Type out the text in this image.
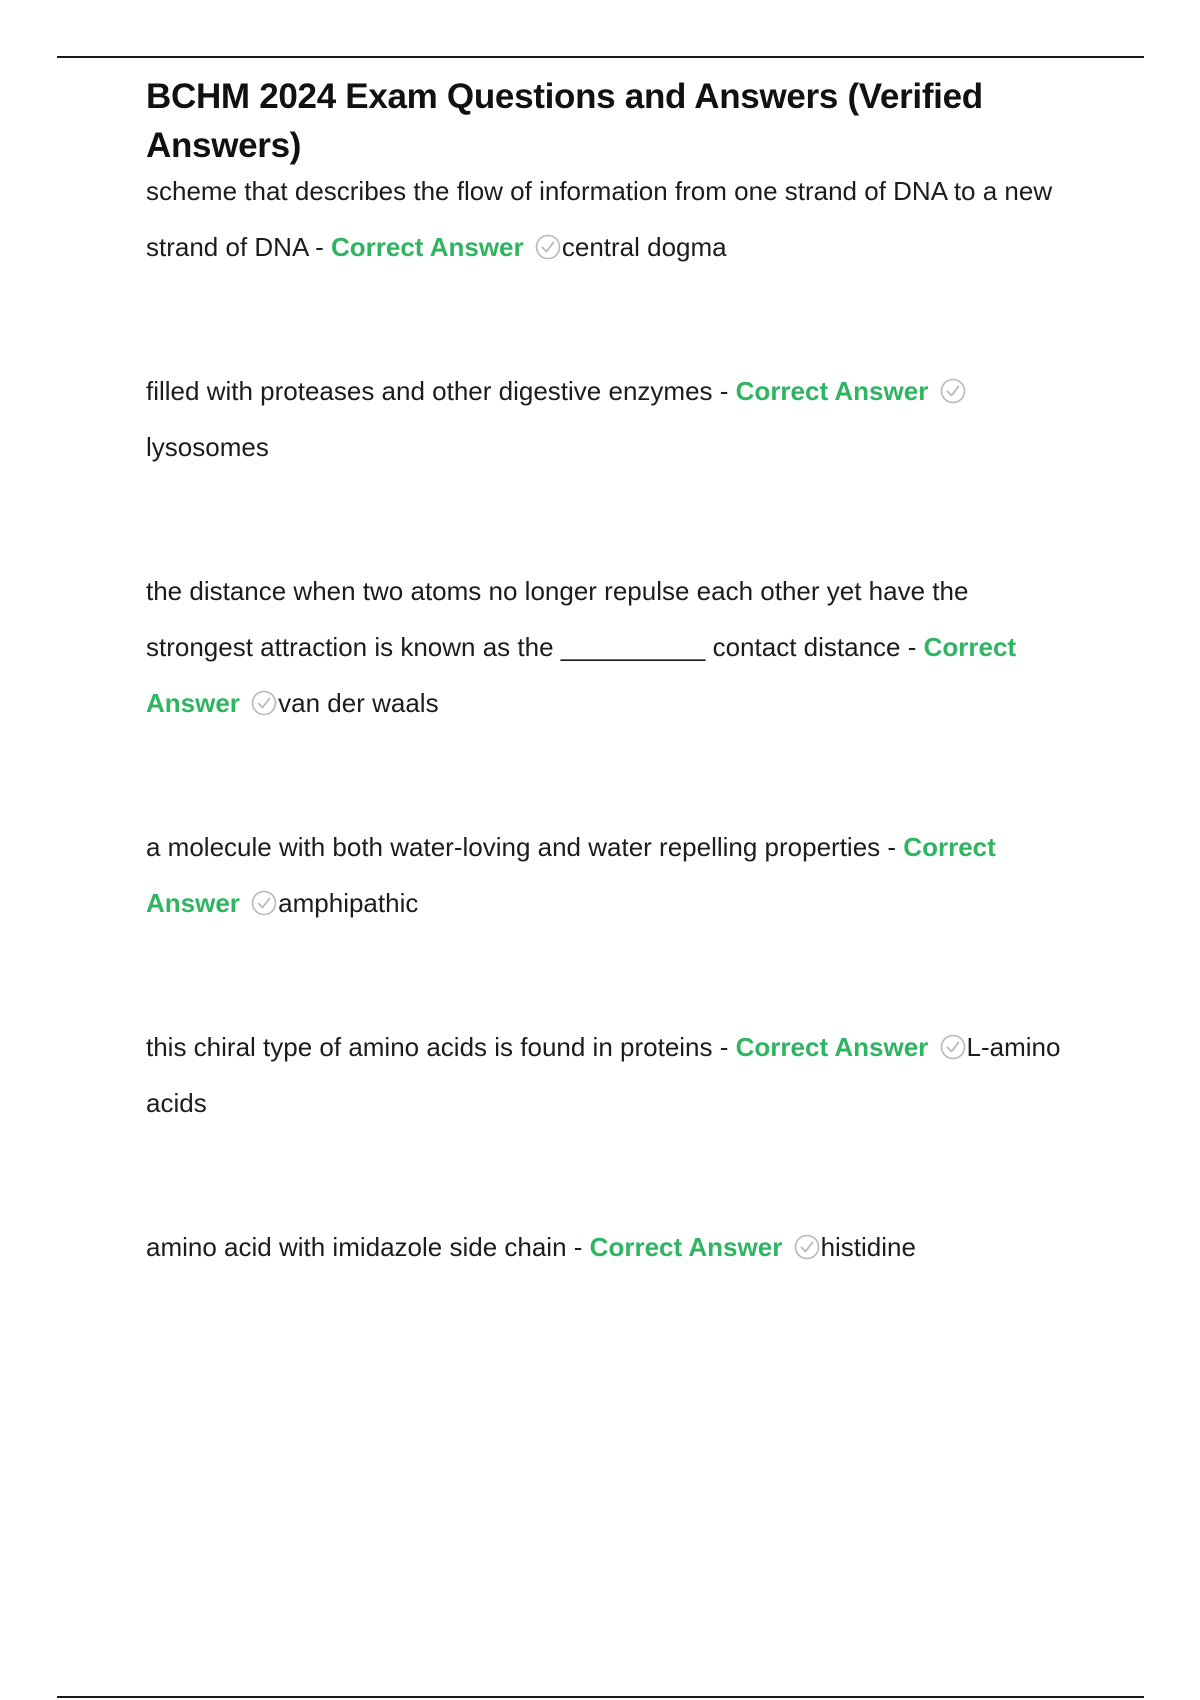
BCHM 2024 Exam Questions and Answers (Verified Answers)

scheme that describes the flow of information from one strand of DNA to a new strand of DNA - Correct Answer central dogma

filled with proteases and other digestive enzymes - Correct Answer
lysosomes

the distance when two atoms no longer repulse each other yet have the strongest attraction is known as the __________ contact distance - Correct Answer van der waals

a molecule with both water-loving and water repelling properties - Correct Answer amphipathic

this chiral type of amino acids is found in proteins - Correct Answer L-amino acids

amino acid with imidazole side chain - Correct Answer histidine
